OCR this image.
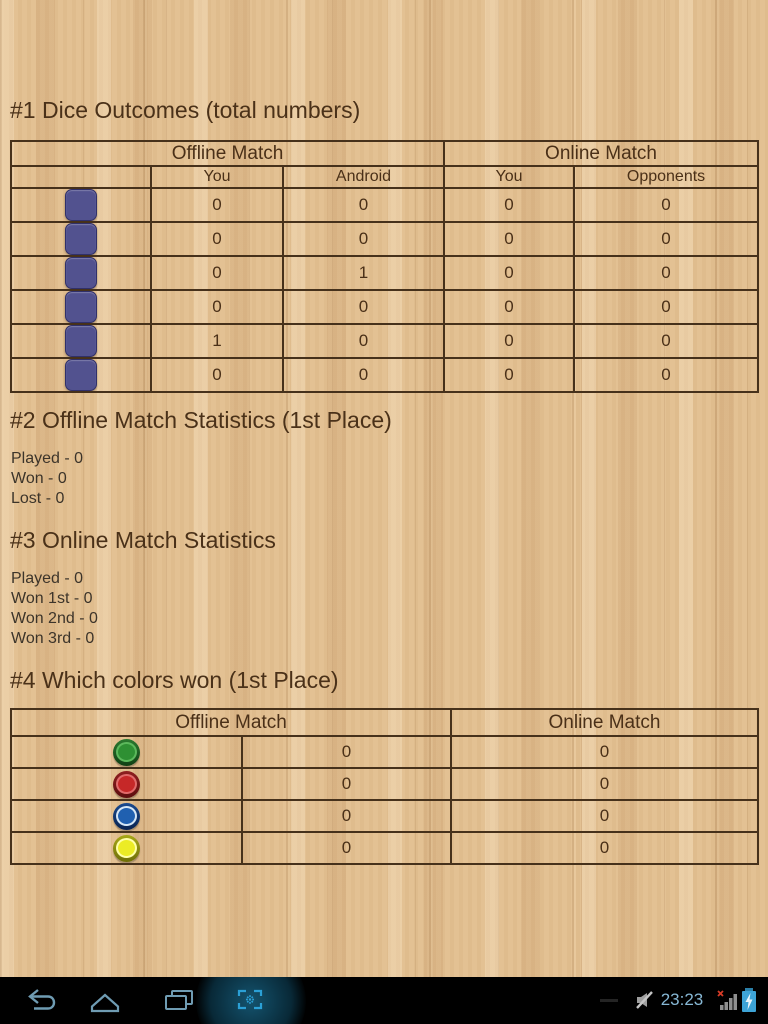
#1 Dice Outcomes (total numbers)
Offline Match			Online Match	
	You	Android	You	Opponents
	0	0	0	0
	0	0	0	0
	0	1	0	0
	0	0	0	0
	1	0	0	0
	0	0	0	0
#2 Offline Match Statistics (1st Place)
Played - 0
Won - 0
Lost - 0
#3 Online Match Statistics
Played - 0
Won 1st - 0
Won 2nd - 0
Won 3rd - 0
#4 Which colors won (1st Place)
Offline Match		Online Match
	0	0
	0	0
	0	0
	0	0
23:23
